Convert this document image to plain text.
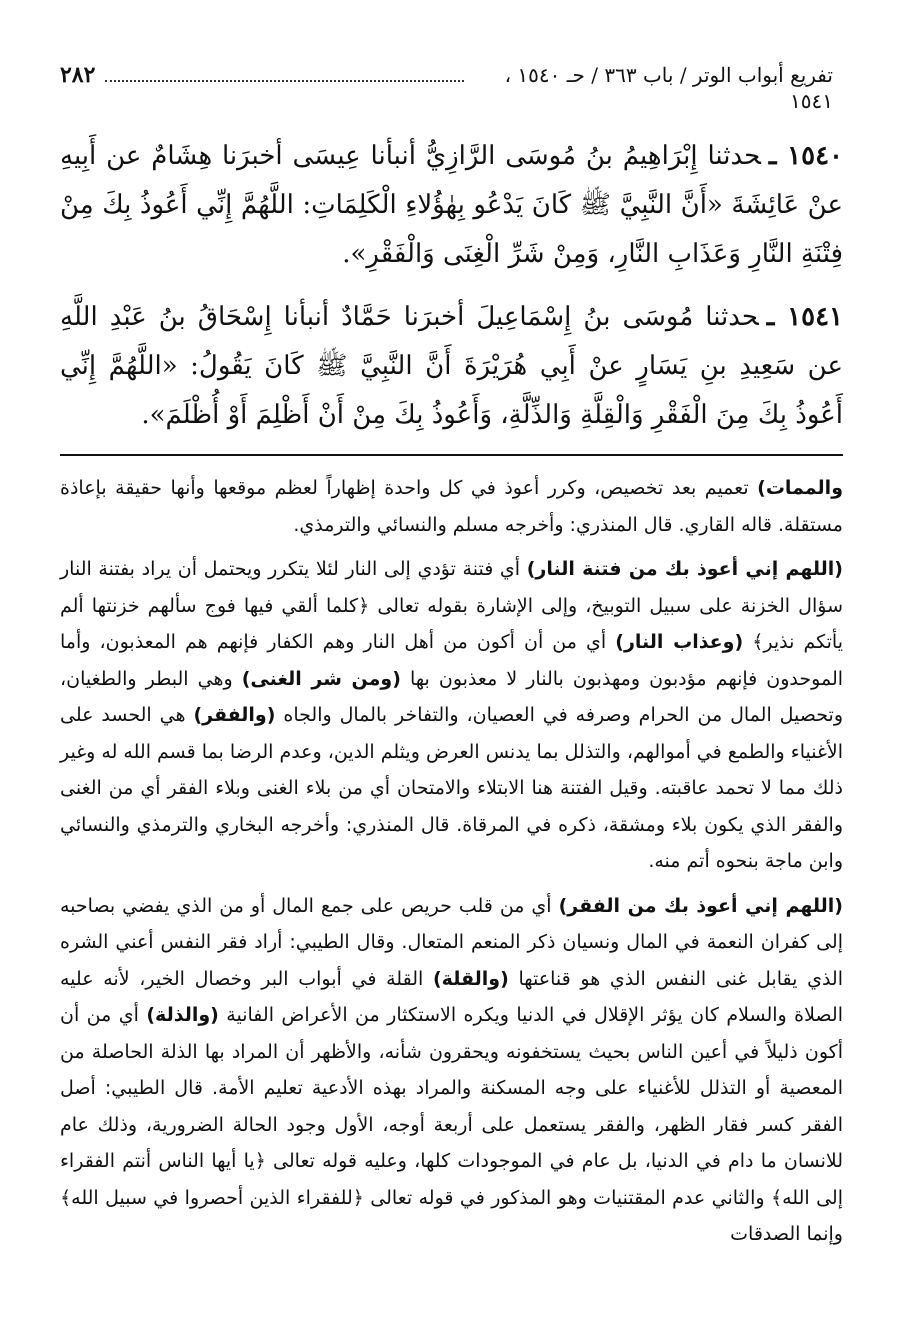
تفريع أبواب الوتر / باب ٣٦٣ / حـ ١٥٤٠ ، ١٥٤١
٢٨٢

١٥٤٠ ـحدثنا إِبْرَاهِيمُ بنُ مُوسَى الرَّازِيُّ أنبأنا عِيسَى أخبرَنا هِشَامٌ عن أَبِيهِ عنْ عَائِشَةَ «أَنَّ النَّبِيَّ ﷺ كَانَ يَدْعُو بِهٰؤُلاءِ الْكَلِمَاتِ: اللَّهُمَّ إِنِّي أَعُوذُ بِكَ مِنْ فِتْنَةِ النَّارِ وَعَذَابِ النَّارِ، وَمِنْ شَرِّ الْغِنَى وَالْفَقْرِ».

١٥٤١ ـحدثنا مُوسَى بنُ إِسْمَاعِيلَ أخبرَنا حَمَّادٌ أنبأنا إِسْحَاقُ بنُ عَبْدِ اللَّهِ عن سَعِيدِ بنِ يَسَارٍ عنْ أَبِي هُرَيْرَةَ أَنَّ النَّبِيَّ ﷺ كَانَ يَقُولُ: «اللَّهُمَّ إِنِّي أَعُوذُ بِكَ مِنَ الْفَقْرِ وَالْقِلَّةِ وَالذِّلَّةِ، وَأَعُوذُ بِكَ مِنْ أَنْ أَظْلِمَ أَوْ أُظْلَمَ».

والممات) تعميم بعد تخصيص، وكرر أعوذ في كل واحدة إظهاراً لعظم موقعها وأنها حقيقة بإعاذة مستقلة. قاله القاري. قال المنذري: وأخرجه مسلم والنسائي والترمذي.

(اللهم إني أعوذ بك من فتنة النار) أي فتنة تؤدي إلى النار لئلا يتكرر ويحتمل أن يراد بفتنة النار سؤال الخزنة على سبيل التوبيخ، وإلى الإشارة بقوله تعالى ﴿كلما ألقي فيها فوج سألهم خزنتها ألم يأتكم نذير﴾ (وعذاب النار) أي من أن أكون من أهل النار وهم الكفار فإنهم هم المعذبون، وأما الموحدون فإنهم مؤدبون ومهذبون بالنار لا معذبون بها (ومن شر الغنى) وهي البطر والطغيان، وتحصيل المال من الحرام وصرفه في العصيان، والتفاخر بالمال والجاه (والفقر) هي الحسد على الأغنياء والطمع في أموالهم، والتذلل بما يدنس العرض ويثلم الدين، وعدم الرضا بما قسم الله له وغير ذلك مما لا تحمد عاقبته. وقيل الفتنة هنا الابتلاء والامتحان أي من بلاء الغنى وبلاء الفقر أي من الغنى والفقر الذي يكون بلاء ومشقة، ذكره في المرقاة. قال المنذري: وأخرجه البخاري والترمذي والنسائي وابن ماجة بنحوه أتم منه.

(اللهم إني أعوذ بك من الفقر) أي من قلب حريص على جمع المال أو من الذي يفضي بصاحبه إلى كفران النعمة في المال ونسيان ذكر المنعم المتعال. وقال الطيبي: أراد فقر النفس أعني الشره الذي يقابل غنى النفس الذي هو قناعتها (والقلة) القلة في أبواب البر وخصال الخير، لأنه عليه الصلاة والسلام كان يؤثر الإقلال في الدنيا ويكره الاستكثار من الأعراض الفانية (والذلة) أي من أن أكون ذليلاً في أعين الناس بحيث يستخفونه ويحقرون شأنه، والأظهر أن المراد بها الذلة الحاصلة من المعصية أو التذلل للأغنياء على وجه المسكنة والمراد بهذه الأدعية تعليم الأمة. قال الطيبي: أصل الفقر كسر فقار الظهر، والفقر يستعمل على أربعة أوجه، الأول وجود الحالة الضرورية، وذلك عام للانسان ما دام في الدنيا، بل عام في الموجودات كلها، وعليه قوله تعالى ﴿يا أيها الناس أنتم الفقراء إلى الله﴾ والثاني عدم المقتنيات وهو المذكور في قوله تعالى ﴿للفقراء الذين أحصروا في سبيل الله﴾ وإنما الصدقات
